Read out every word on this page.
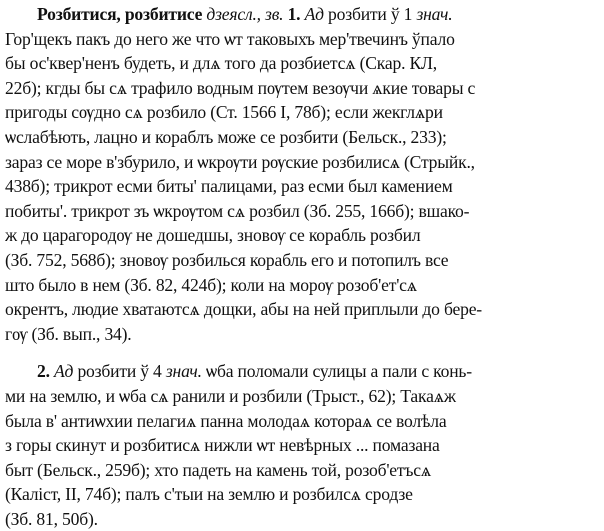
Розбитися, розбитисе дзеясл., зв. 1. Ад розбити ў 1 знач.
Гор'щекъ пакъ до него же что ѡт таковыхъ мер'твечинъ ўпало
бы ос'квер'ненъ будеть, и длѧ того да розбиетсѧ (Скар. КЛ,
22б); кгды бы сѧ трафило водным пѹтем везѹчи ѧкие товары с
пригоды сѹдно сѧ розбило (Ст. 1566 I, 78б); если жекглѧри
ѡслабѣють, лацно и кораблъ може се розбити (Бельск., 233);
зараз се море в'збурило, и ѡкрѹти рѹские розбилисѧ (Стрыйк.,
438б); трикрот есми биты' палицами, раз есми был камением
побиты'. трикрот зъ ѡкрѹтом сѧ розбил (Зб. 255, 166б); вшако-
ж до царагородѹ не дошедшы, зновѹ се корабль розбил
(Зб. 752, 568б); зновѹ розбилься корабль его и потопилъ все
што было в нем (Зб. 82, 424б); коли на морѹ розоб'ет'сѧ
окрентъ, людие хватаютсѧ дощки, абы на ней приплыли до бере-
гѹ (Зб. вып., 34).
2. Ад розбити ў 4 знач. ѡба поломали сулицы а пали с конь-
ми на землю, и ѡба сѧ ранили и розбили (Трыст., 62); Такаѧж
была в' антиѡхии пелагиѧ панна молодаѧ котораѧ се волѣла
з горы скинут и розбитисѧ нижли ѡт невѣрных ... помазана
быт (Бельск., 259б); хто падеть на камень той, розоб'етъсѧ
(Каліст, II, 74б); палъ с'тыи на землю и розбилсѧ сродзе
(Зб. 81, 50б).
